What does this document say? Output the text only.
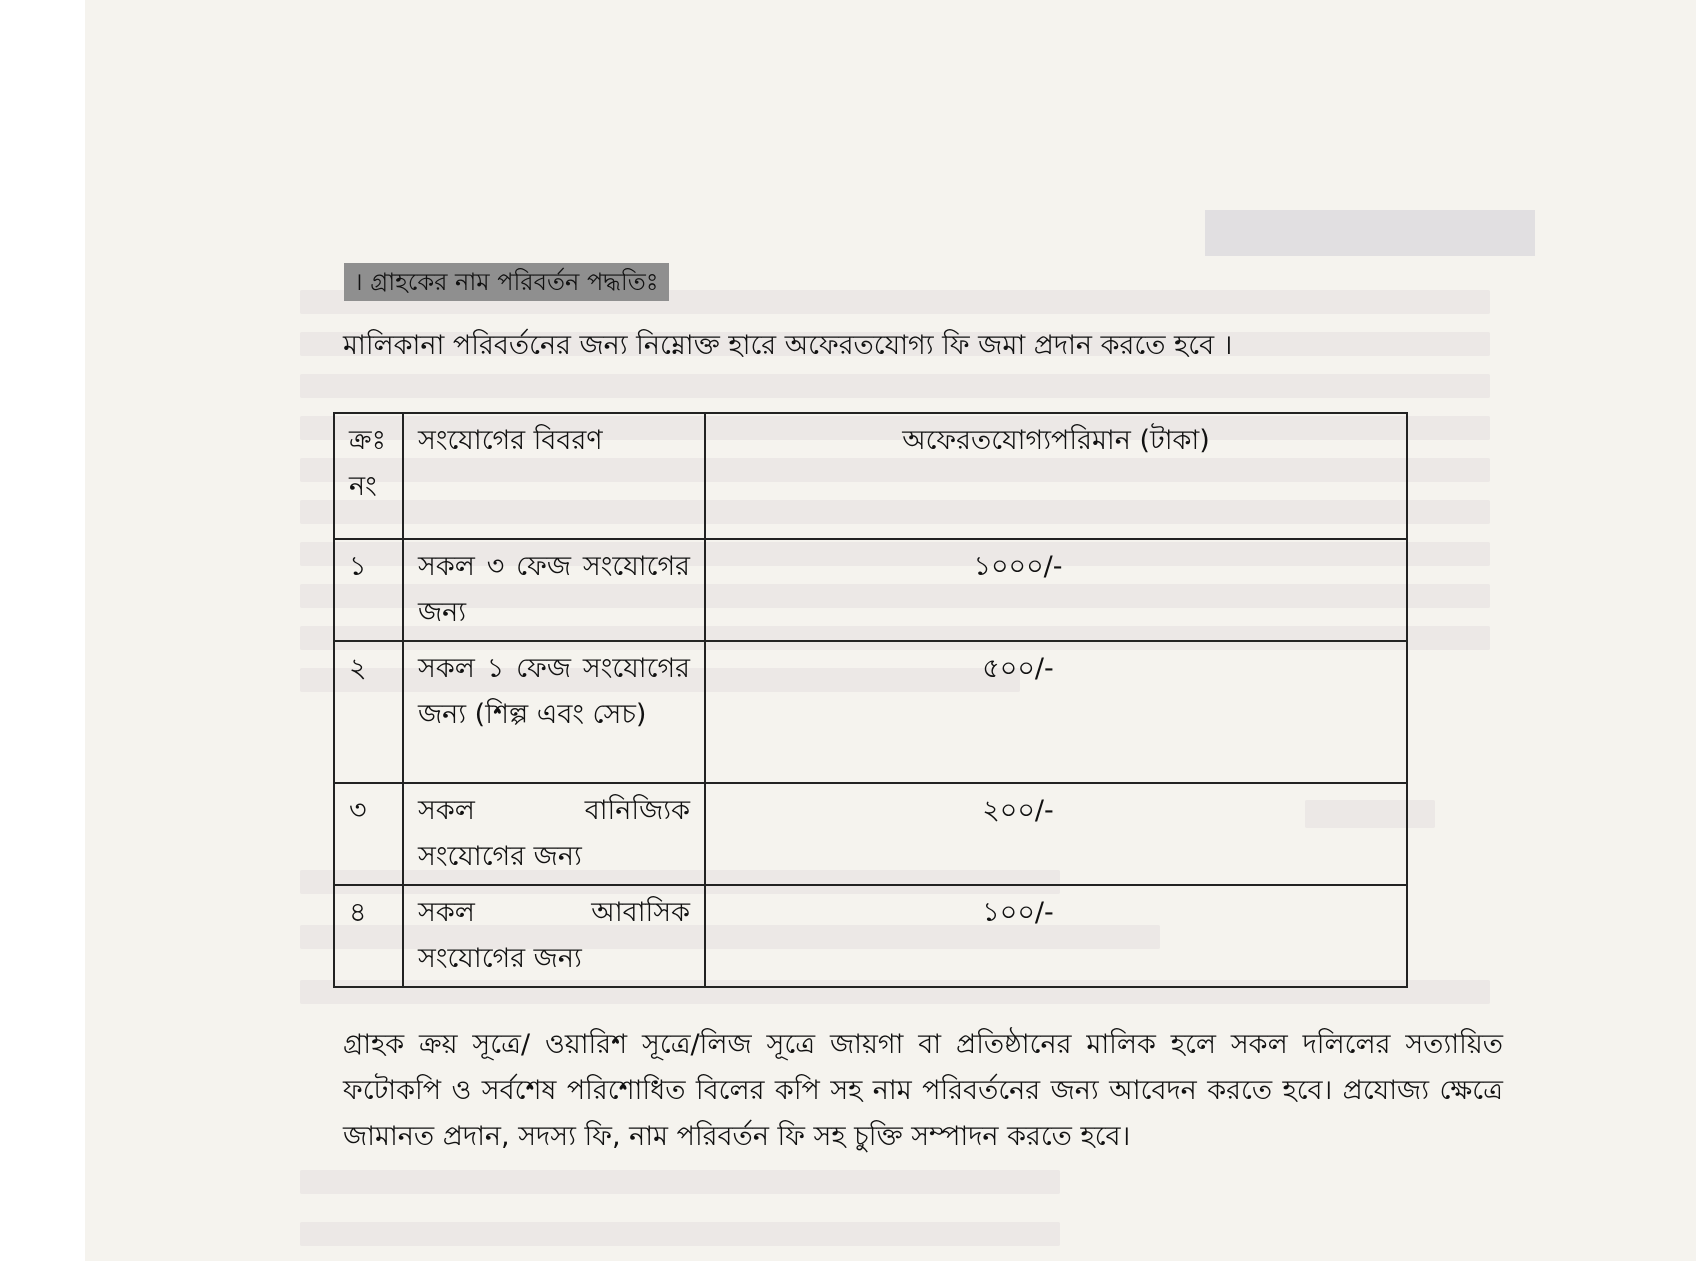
। গ্রাহকের নাম পরিবর্তন পদ্ধতিঃ
মালিকানা পরিবর্তনের জন্য নিম্নোক্ত হারে অফেরতযোগ্য ফি জমা প্রদান করতে হবে ।
ক্রঃ নং	সংযোগের বিবরণ	অফেরতযোগ্যপরিমান (টাকা)
১	সকল ৩ ফেজ সংযোগের জন্য	১০০০/-
২	সকল ১ ফেজ সংযোগের জন্য (শিল্প এবং সেচ)	৫০০/-
৩	সকল বানিজ্যিক সংযোগের জন্য	২০০/-
৪	সকল আবাসিক সংযোগের জন্য	১০০/-
গ্রাহক ক্রয় সূত্রে/ ওয়ারিশ সূত্রে/লিজ সূত্রে জায়গা বা প্রতিষ্ঠানের মালিক হলে সকল দলিলের সত্যায়িত ফটোকপি ও সর্বশেষ পরিশোধিত বিলের কপি সহ নাম পরিবর্তনের জন্য আবেদন করতে হবে। প্রযোজ্য ক্ষেত্রে জামানত প্রদান, সদস্য ফি, নাম পরিবর্তন ফি সহ চুক্তি সম্পাদন করতে হবে।
